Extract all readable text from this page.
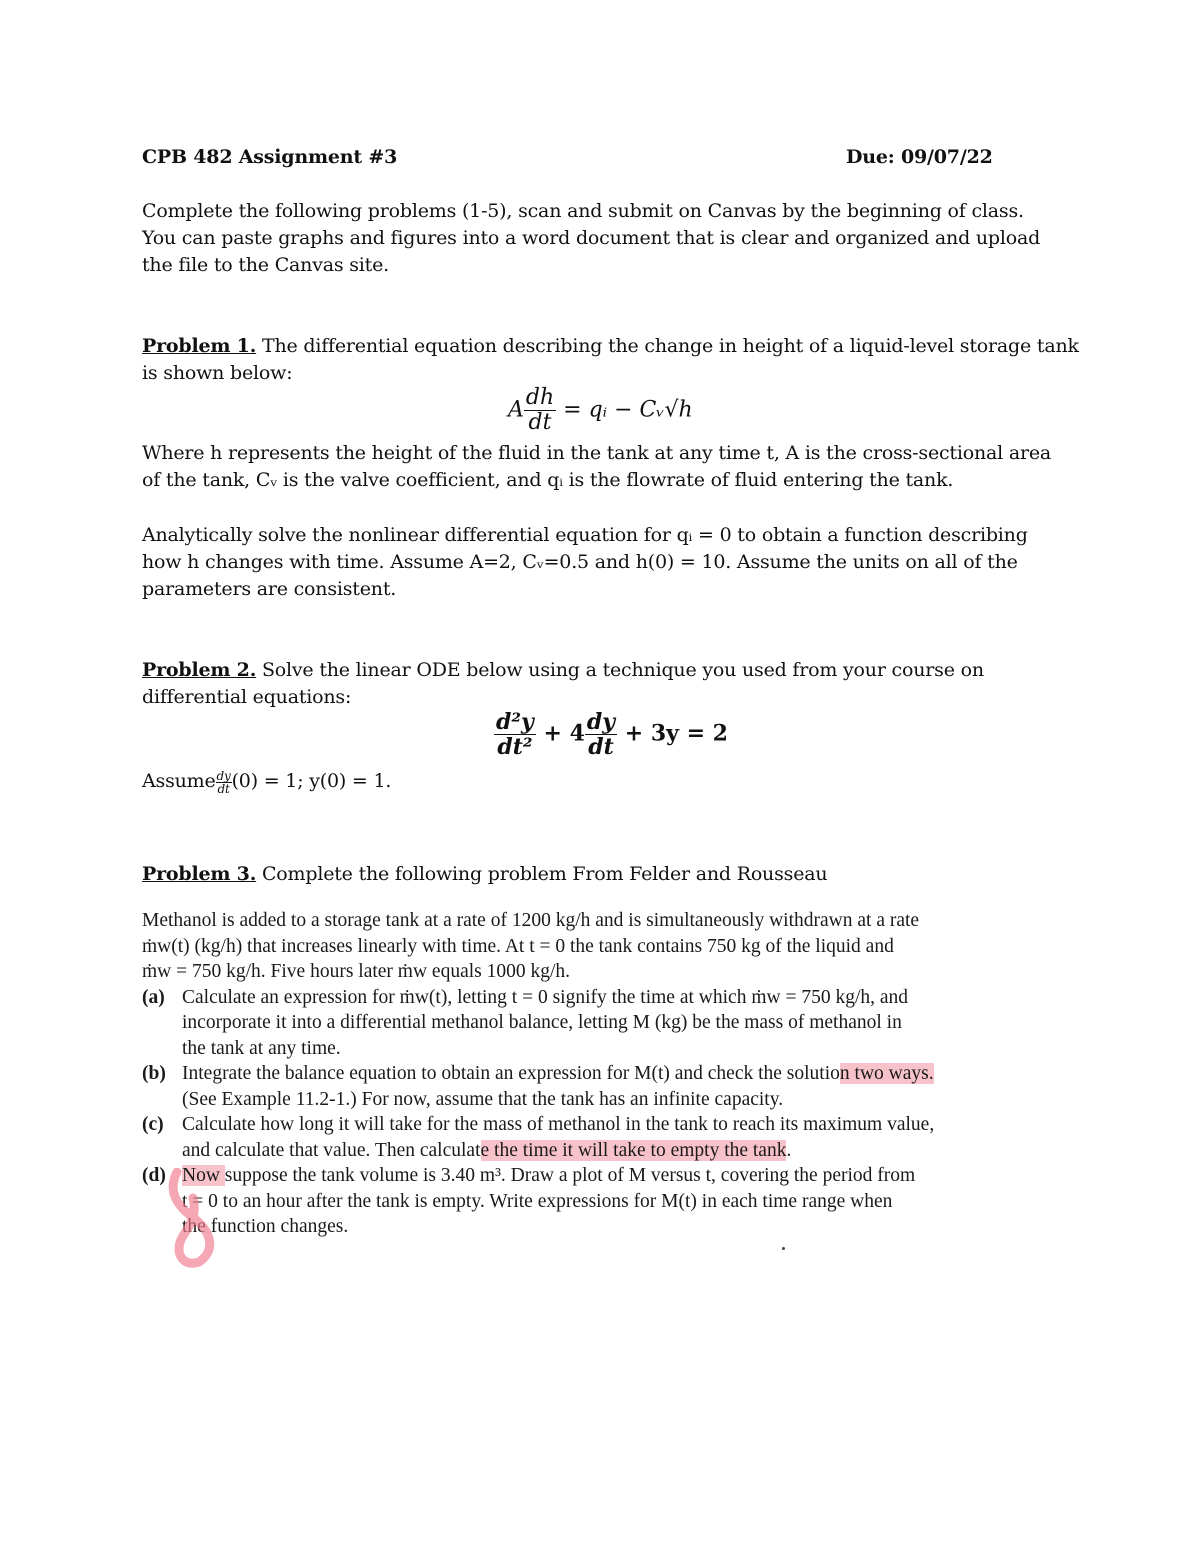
CPB 482 Assignment #3	Due: 09/07/22
Complete the following problems (1-5), scan and submit on Canvas by the beginning of class.
You can paste graphs and figures into a word document that is clear and organized and upload
the file to the Canvas site.
Problem 1. The differential equation describing the change in height of a liquid-level storage tank
is shown below:
A $\frac{dh}{dt}$ = qᵢ − Cᵥ√h
Where h represents the height of the fluid in the tank at any time t, A is the cross-sectional area
of the tank, Cᵥ is the valve coefficient, and qᵢ is the flowrate of fluid entering the tank.
Analytically solve the nonlinear differential equation for qᵢ = 0 to obtain a function describing
how h changes with time. Assume A=2, Cᵥ=0.5 and h(0) = 10. Assume the units on all of the
parameters are consistent.
Problem 2. Solve the linear ODE below using a technique you used from your course on
differential equations:
$\frac{\text{d²y}}{\text{dt²}} + 4 \frac{dy}{dt} + 3y = 2$
Assume $\frac{dy}{dt} (0) = 1$; y(0) = 1.
Problem 3. Complete the following problem From Felder and Rousseau
Methanol is added to a storage tank at a rate of 1200 kg/h and is simultaneously withdrawn at a rate
ṁw(t) (kg/h) that increases linearly with time. At t = 0 the tank contains 750 kg of the liquid and
ṁw = 750 kg/h. Five hours later ṁw equals 1000 kg/h.
(a) Calculate an expression for ṁw(t), letting t = 0 signify the time at which ṁw = 750 kg/h, and
incorporate it into a differential methanol balance, letting M (kg) be the mass of methanol in
the tank at any time.
(b) Integrate the balance equation to obtain an expression for M(t) and check the solution two ways.
(See Example 11.2-1.) For now, assume that the tank has an infinite capacity.
(c) Calculate how long it will take for the mass of methanol in the tank to reach its maximum value,
and calculate that value. Then calculate the time it will take to empty the tank.
(d) Now suppose the tank volume is 3.40 m³. Draw a plot of M versus t, covering the period from
t = 0 to an hour after the tank is empty. Write expressions for M(t) in each time range when
the function changes.
